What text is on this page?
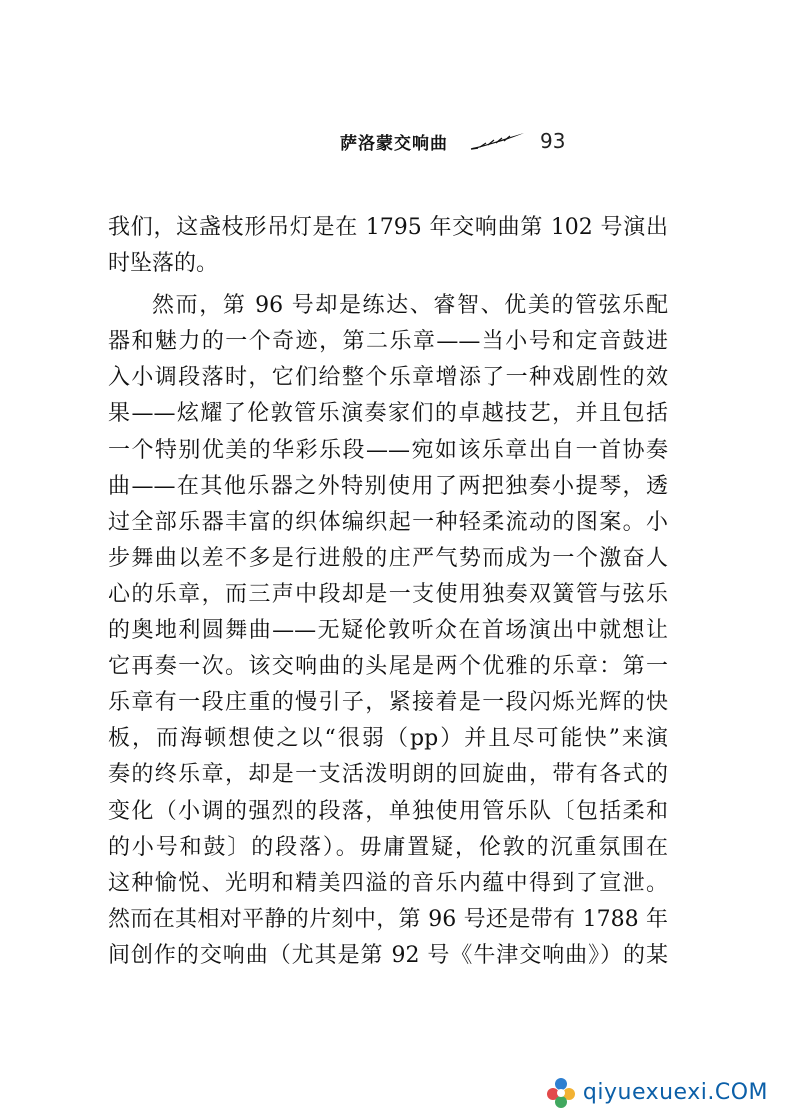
萨洛蒙交响曲	93
我们，这盏枝形吊灯是在 1795 年交响曲第 102 号演出
时坠落的。
然而，第 96 号却是练达、睿智、优美的管弦乐配
器和魅力的一个奇迹，第二乐章——当小号和定音鼓进
入小调段落时，它们给整个乐章增添了一种戏剧性的效
果——炫耀了伦敦管乐演奏家们的卓越技艺，并且包括
一个特别优美的华彩乐段——宛如该乐章出自一首协奏
曲——在其他乐器之外特别使用了两把独奏小提琴，透
过全部乐器丰富的织体编织起一种轻柔流动的图案。小
步舞曲以差不多是行进般的庄严气势而成为一个激奋人
心的乐章，而三声中段却是一支使用独奏双簧管与弦乐
的奥地利圆舞曲——无疑伦敦听众在首场演出中就想让
它再奏一次。该交响曲的头尾是两个优雅的乐章：第一
乐章有一段庄重的慢引子，紧接着是一段闪烁光辉的快
板，而海顿想使之以“很弱（pp）并且尽可能快”来演
奏的终乐章，却是一支活泼明朗的回旋曲，带有各式的
变化（小调的强烈的段落，单独使用管乐队〔包括柔和
的小号和鼓〕的段落）。毋庸置疑，伦敦的沉重氛围在
这种愉悦、光明和精美四溢的音乐内蕴中得到了宣泄。
然而在其相对平静的片刻中，第 96 号还是带有 1788 年
间创作的交响曲（尤其是第 92 号《牛津交响曲》）的某
qiyuexuexi.COM
